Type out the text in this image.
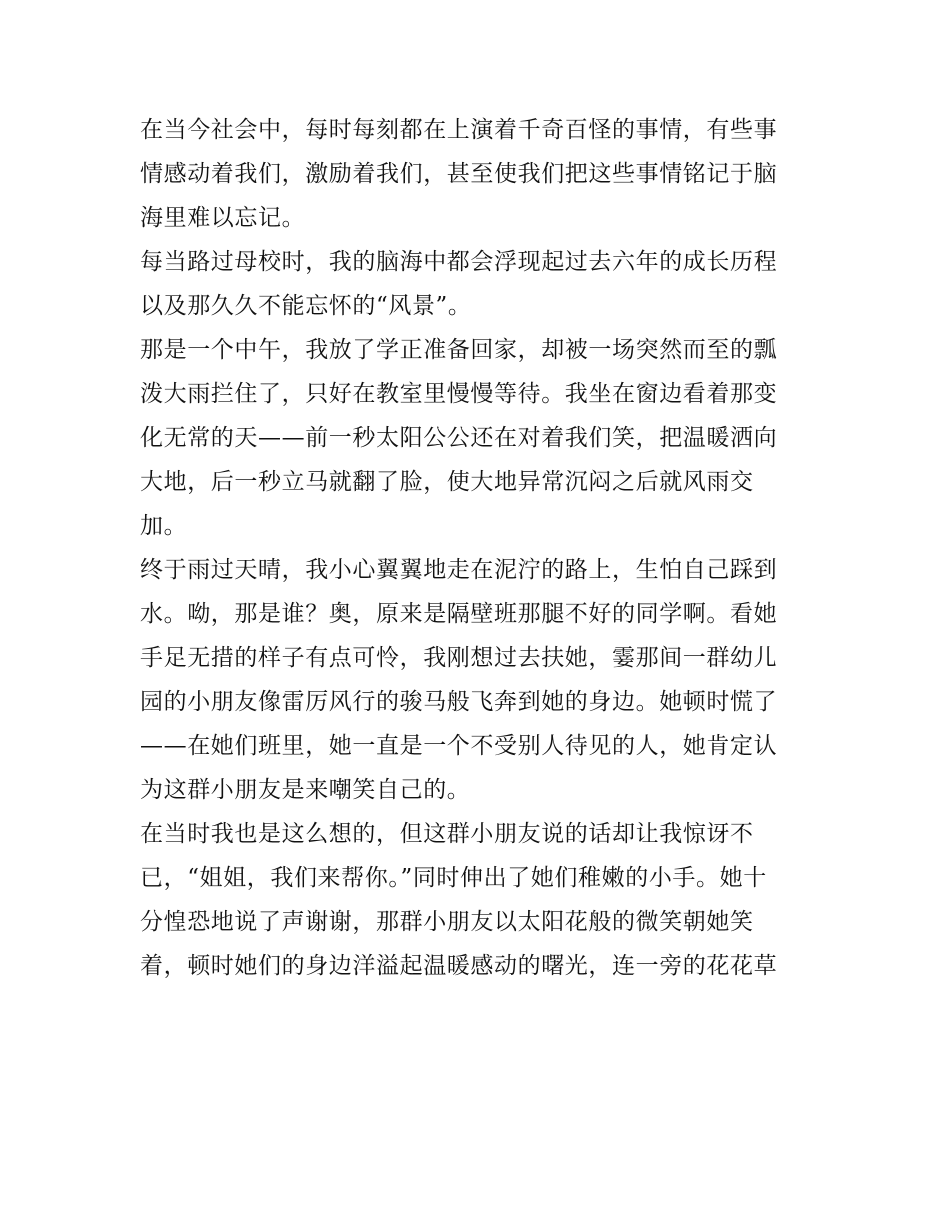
在当今社会中，每时每刻都在上演着千奇百怪的事情，有些事
情感动着我们，激励着我们，甚至使我们把这些事情铭记于脑
海里难以忘记。
每当路过母校时，我的脑海中都会浮现起过去六年的成长历程
以及那久久不能忘怀的“风景”。
那是一个中午，我放了学正准备回家，却被一场突然而至的瓢
泼大雨拦住了，只好在教室里慢慢等待。我坐在窗边看着那变
化无常的天——前一秒太阳公公还在对着我们笑，把温暖洒向
大地，后一秒立马就翻了脸，使大地异常沉闷之后就风雨交
加。
终于雨过天晴，我小心翼翼地走在泥泞的路上，生怕自己踩到
水。呦，那是谁？奥，原来是隔壁班那腿不好的同学啊。看她
手足无措的样子有点可怜，我刚想过去扶她，霎那间一群幼儿
园的小朋友像雷厉风行的骏马般飞奔到她的身边。她顿时慌了
——在她们班里，她一直是一个不受别人待见的人，她肯定认
为这群小朋友是来嘲笑自己的。
在当时我也是这么想的，但这群小朋友说的话却让我惊讶不
已，“姐姐，我们来帮你。”同时伸出了她们稚嫩的小手。她十
分惶恐地说了声谢谢，那群小朋友以太阳花般的微笑朝她笑
着，顿时她们的身边洋溢起温暖感动的曙光，连一旁的花花草
